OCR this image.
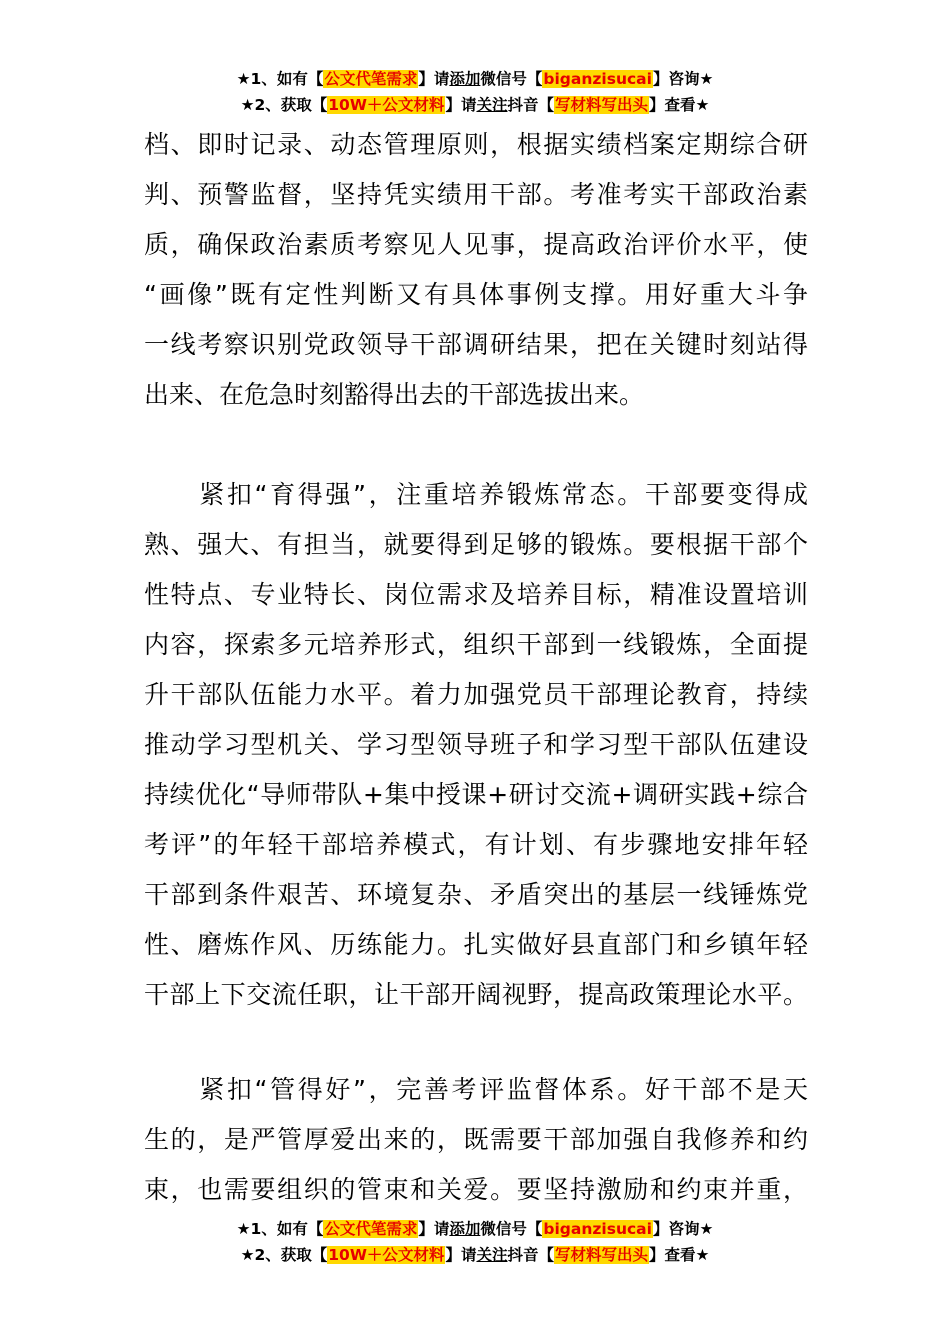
★1、如有【公文代笔需求】请添加微信号【biganzisucai】咨询★
★2、获取【10W＋公文材料】请关注抖音【写材料写出头】查看★
档、即时记录、动态管理原则，根据实绩档案定期综合研
判、预警监督，坚持凭实绩用干部。考准考实干部政治素
质，确保政治素质考察见人见事，提高政治评价水平，使
“画像”既有定性判断又有具体事例支撑。用好重大斗争
一线考察识别党政领导干部调研结果，把在关键时刻站得
出来、在危急时刻豁得出去的干部选拔出来。
　　紧扣“育得强”，注重培养锻炼常态。干部要变得成
熟、强大、有担当，就要得到足够的锻炼。要根据干部个
性特点、专业特长、岗位需求及培养目标，精准设置培训
内容，探索多元培养形式，组织干部到一线锻炼，全面提
升干部队伍能力水平。着力加强党员干部理论教育，持续
推动学习型机关、学习型领导班子和学习型干部队伍建设
持续优化“导师带队+集中授课+研讨交流+调研实践+综合
考评”的年轻干部培养模式，有计划、有步骤地安排年轻
干部到条件艰苦、环境复杂、矛盾突出的基层一线锤炼党
性、磨炼作风、历练能力。扎实做好县直部门和乡镇年轻
干部上下交流任职，让干部开阔视野，提高政策理论水平。
　　紧扣“管得好”，完善考评监督体系。好干部不是天
生的，是严管厚爱出来的，既需要干部加强自我修养和约
束，也需要组织的管束和关爱。要坚持激励和约束并重，
★1、如有【公文代笔需求】请添加微信号【biganzisucai】咨询★
★2、获取【10W＋公文材料】请关注抖音【写材料写出头】查看★
